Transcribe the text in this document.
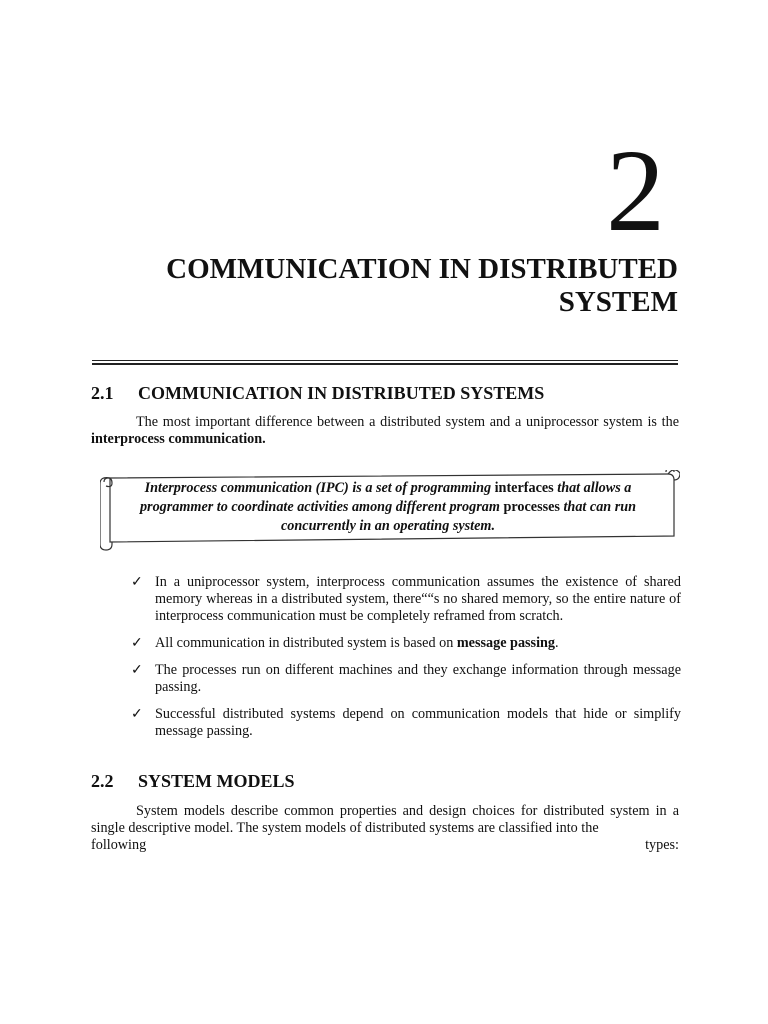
2
COMMUNICATION IN DISTRIBUTED
SYSTEM
2.1 COMMUNICATION IN DISTRIBUTED SYSTEMS
The most important difference between a distributed system and a uniprocessor system is the interprocess communication.
Interprocess communication (IPC) is a set of programming interfaces that allows a programmer to coordinate activities among different program processes that can run concurrently in an operating system.
✓ In a uniprocessor system, interprocess communication assumes the existence of shared memory whereas in a distributed system, there““s no shared memory, so the entire nature of interprocess communication must be completely reframed from scratch.
✓ All communication in distributed system is based on message passing.
✓ The processes run on different machines and they exchange information through message passing.
✓ Successful distributed systems depend on communication models that hide or simplify message passing.
2.2 SYSTEM MODELS
System models describe common properties and design choices for distributed system in a single descriptive model. The system models of distributed systems are classified into the
following	types:
